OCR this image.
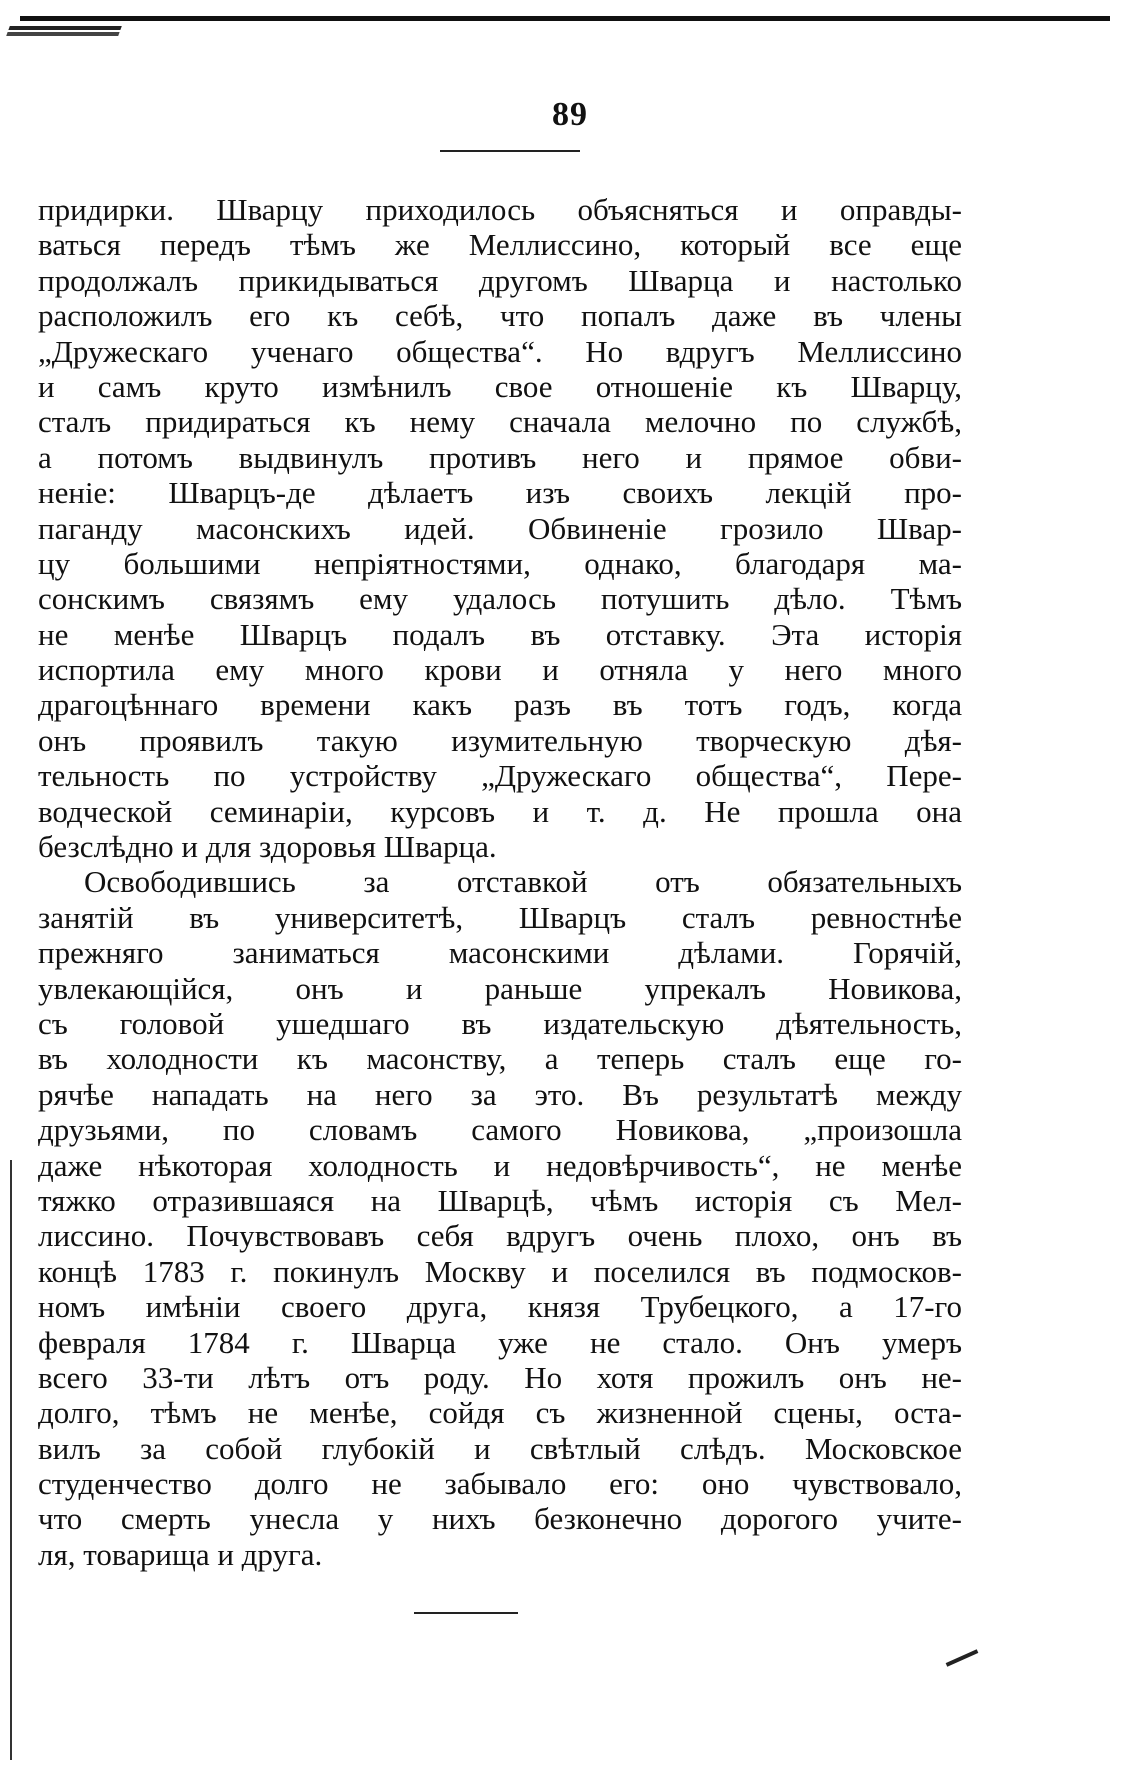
89
придирки. Шварцу приходилось объясняться и оправды-
ваться передъ тѣмъ же Меллиссино, который все еще
продолжалъ прикидываться другомъ Шварца и настолько
расположилъ его къ себѣ, что попалъ даже въ члены
„Дружескаго ученаго общества“. Но вдругъ Меллиссино
и самъ круто измѣнилъ свое отношеніе къ Шварцу,
сталъ придираться къ нему сначала мелочно по службѣ,
а потомъ выдвинулъ противъ него и прямое обви-
неніе: Шварцъ-де дѣлаетъ изъ своихъ лекцій про-
паганду масонскихъ идей. Обвиненіе грозило Швар-
цу большими непріятностями, однако, благодаря ма-
сонскимъ связямъ ему удалось потушить дѣло. Тѣмъ
не менѣе Шварцъ подалъ въ отставку. Эта исторія
испортила ему много крови и отняла у него много
драгоцѣннаго времени какъ разъ въ тотъ годъ, когда
онъ проявилъ такую изумительную творческую дѣя-
тельность по устройству „Дружескаго общества“, Пере-
водческой семинаріи, курсовъ и т. д. Не прошла она
безслѣдно и для здоровья Шварца.
Освободившись за отставкой отъ обязательныхъ
занятій въ университетѣ, Шварцъ сталъ ревностнѣе
прежняго заниматься масонскими дѣлами. Горячій,
увлекающійся, онъ и раньше упрекалъ Новикова,
съ головой ушедшаго въ издательскую дѣятельность,
въ холодности къ масонству, а теперь сталъ еще го-
рячѣе нападать на него за это. Въ результатѣ между
друзьями, по словамъ самого Новикова, „произошла
даже нѣкоторая холодность и недовѣрчивость“, не менѣе
тяжко отразившаяся на Шварцѣ, чѣмъ исторія съ Мел-
лиссино. Почувствовавъ себя вдругъ очень плохо, онъ въ
концѣ 1783 г. покинулъ Москву и поселился въ подмосков-
номъ имѣніи своего друга, князя Трубецкого, а 17-го
февраля 1784 г. Шварца уже не стало. Онъ умеръ
всего 33-ти лѣтъ отъ роду. Но хотя прожилъ онъ не-
долго, тѣмъ не менѣе, сойдя съ жизненной сцены, оста-
вилъ за собой глубокій и свѣтлый слѣдъ. Московское
студенчество долго не забывало его: оно чувствовало,
что смерть унесла у нихъ безконечно дорогого учите-
ля, товарища и друга.
